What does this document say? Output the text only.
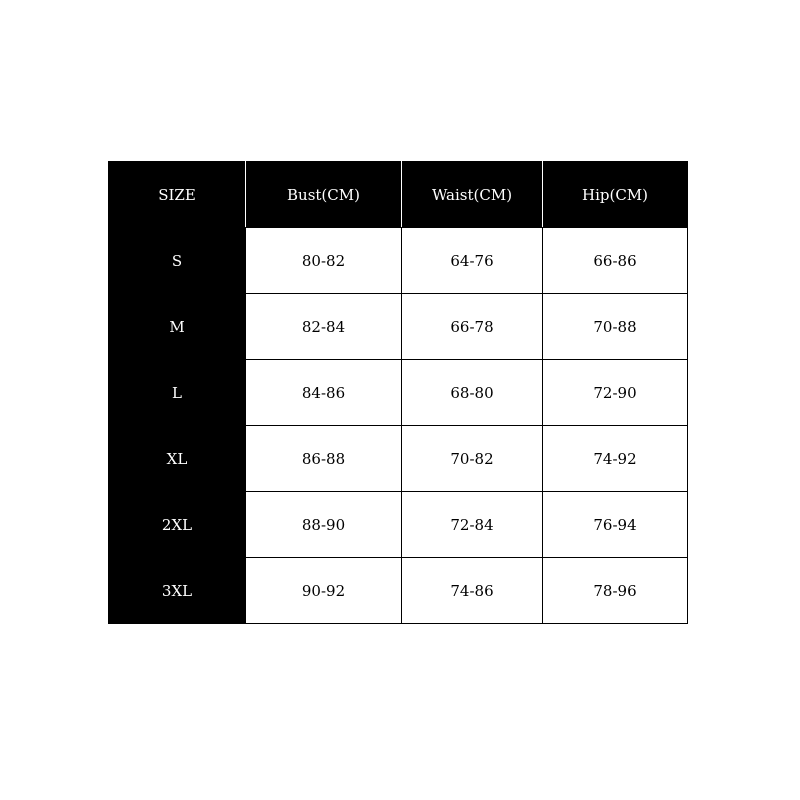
SIZE	Bust(CM)	Waist(CM)	Hip(CM)
S	80-82	64-76	66-86
M	82-84	66-78	70-88
L	84-86	68-80	72-90
XL	86-88	70-82	74-92
2XL	88-90	72-84	76-94
3XL	90-92	74-86	78-96
